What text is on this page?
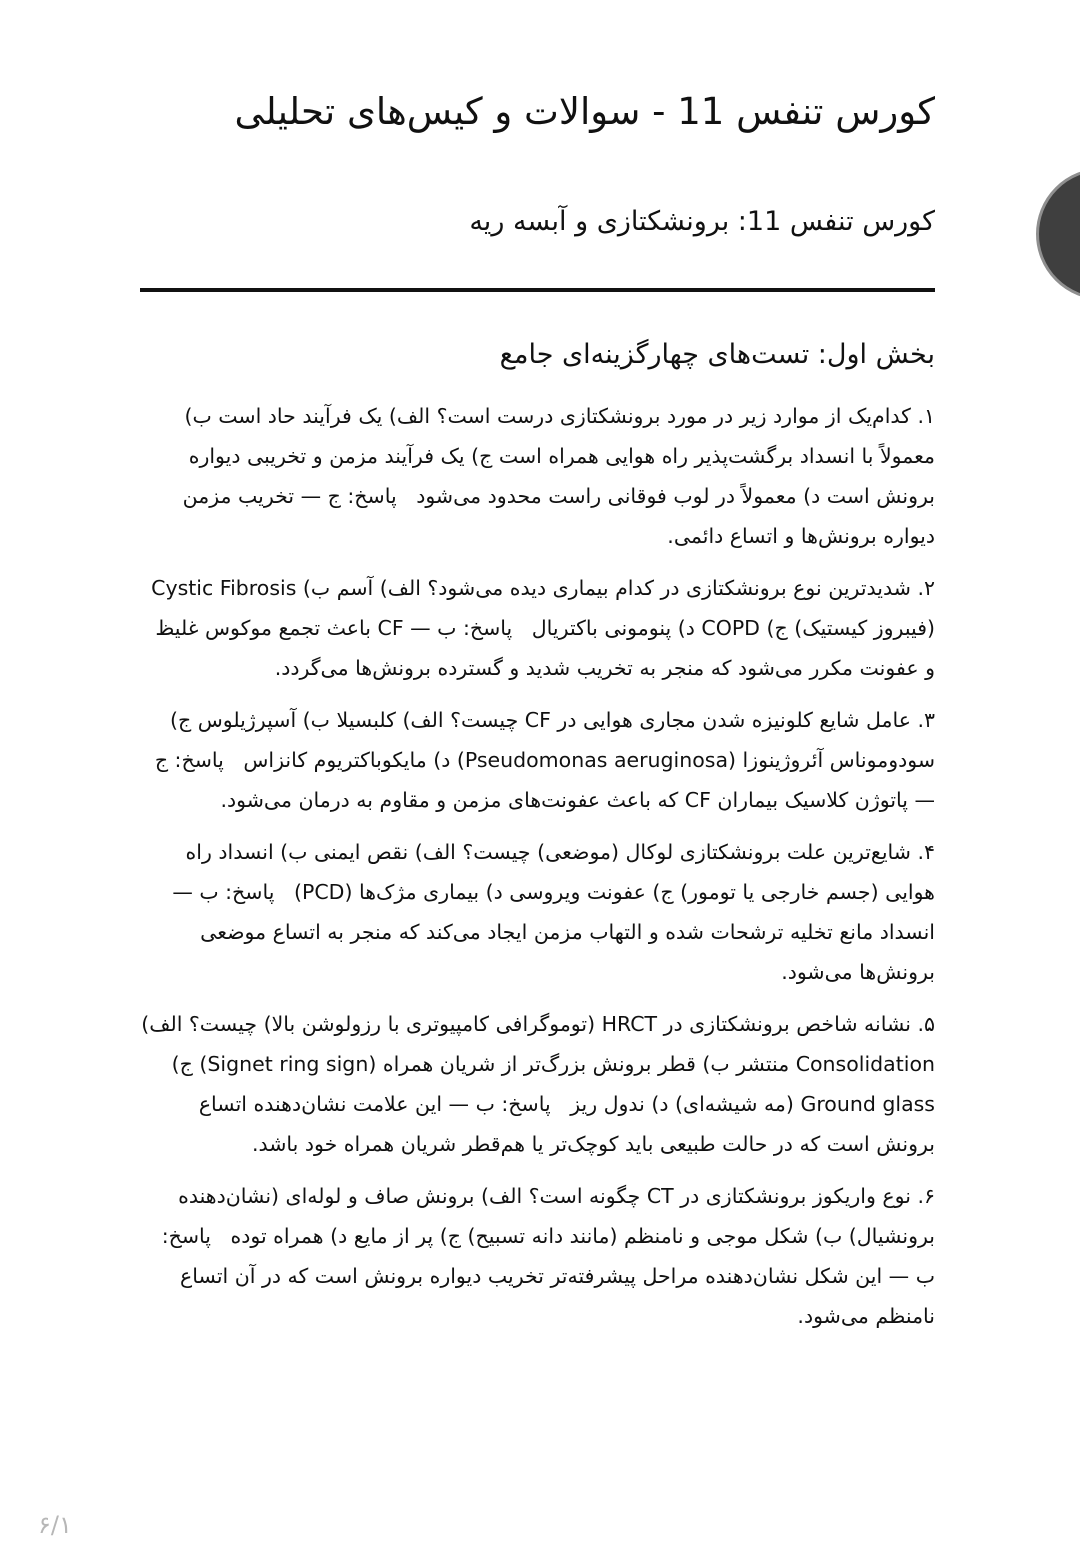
کورس تنفس 11 - سوالات و کیس‌های تحلیلی
کورس تنفس 11: برونشکتازی و آبسه ریه
بخش اول: تست‌های چهارگزینه‌ای جامع

۱. کدام‌یک از موارد زیر در مورد برونشکتازی درست است؟ الف) یک فرآیند حاد است ب) معمولاً با انسداد برگشت‌پذیر راه هوایی همراه است ج) یک فرآیند مزمن و تخریبی دیواره برونش است د) معمولاً در لوب فوقانی راست محدود می‌شود   پاسخ: ج — تخریب مزمن دیواره برونش‌ها و اتساع دائمی.

۲. شدیدترین نوع برونشکتازی در کدام بیماری دیده می‌شود؟ الف) آسم ب) Cystic Fibrosis (فیبروز کیستیک) ج) COPD د) پنومونی باکتریال   پاسخ: ب — CF باعث تجمع موکوس غلیظ و عفونت مکرر می‌شود که منجر به تخریب شدید و گسترده برونش‌ها می‌گردد.

۳. عامل شایع کلونیزه شدن مجاری هوایی در CF چیست؟ الف) کلبسیلا ب) آسپرژیلوس ج) سودوموناس آئروژینوزا (Pseudomonas aeruginosa) د) مایکوباکتریوم کانزاس   پاسخ: ج — پاتوژن کلاسیک بیماران CF که باعث عفونت‌های مزمن و مقاوم به درمان می‌شود.

۴. شایع‌ترین علت برونشکتازی لوکال (موضعی) چیست؟ الف) نقص ایمنی ب) انسداد راه هوایی (جسم خارجی یا تومور) ج) عفونت ویروسی د) بیماری مژک‌ها (PCD)   پاسخ: ب — انسداد مانع تخلیه ترشحات شده و التهاب مزمن ایجاد می‌کند که منجر به اتساع موضعی برونش‌ها می‌شود.

۵. نشانه شاخص برونشکتازی در HRCT (توموگرافی کامپیوتری با رزولوشن بالا) چیست؟ الف) Consolidation منتشر ب) قطر برونش بزرگ‌تر از شریان همراه (Signet ring sign) ج) Ground glass (مه شیشه‌ای) د) ندول ریز   پاسخ: ب — این علامت نشان‌دهنده اتساع برونش است که در حالت طبیعی باید کوچک‌تر یا هم‌قطر شریان همراه خود باشد.

۶. نوع واریکوز برونشکتازی در CT چگونه است؟ الف) برونش صاف و لوله‌ای (نشان‌دهنده برونشیال) ب) شکل موجی و نامنظم (مانند دانه تسبیح) ج) پر از مایع د) همراه توده   پاسخ: ب — این شکل نشان‌دهنده مراحل پیشرفته‌تر تخریب دیواره برونش است که در آن اتساع نامنظم می‌شود.

۶/۱
